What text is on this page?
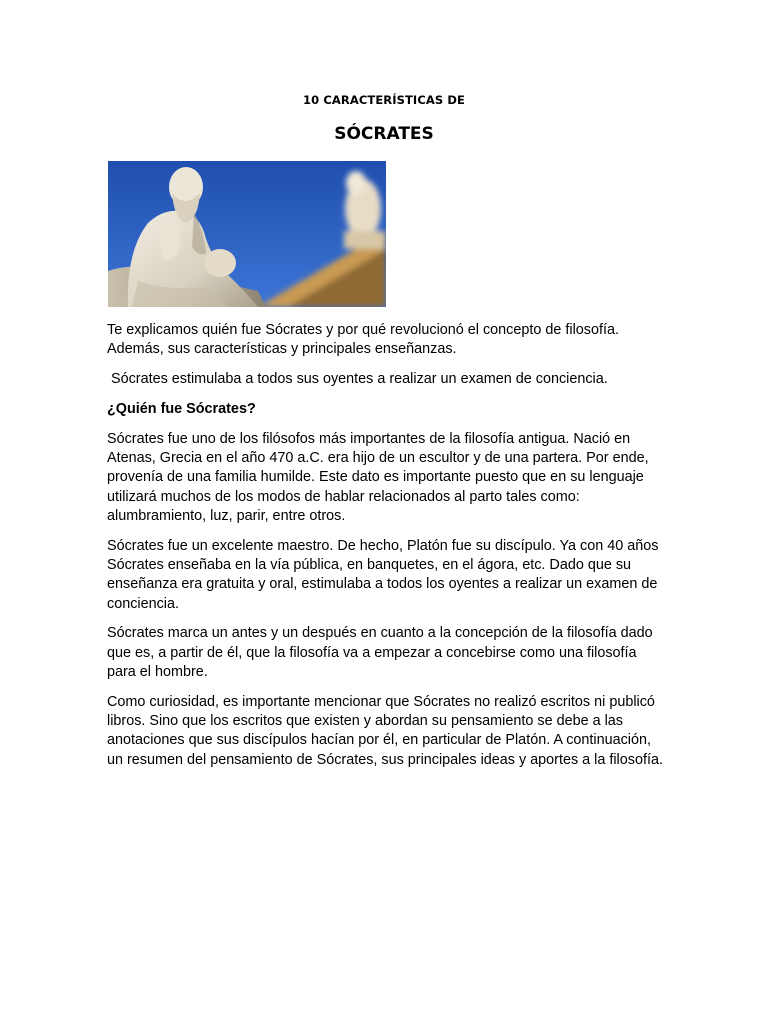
10 CARACTERÍSTICAS DE
SÓCRATES

Te explicamos quién fue Sócrates y por qué revolucionó el concepto de filosofía. Además, sus características y principales enseñanzas.

Sócrates estimulaba a todos sus oyentes a realizar un examen de conciencia.

¿Quién fue Sócrates?

Sócrates fue uno de los filósofos más importantes de la filosofía antigua. Nació en Atenas, Grecia en el año 470 a.C. era hijo de un escultor y de una partera. Por ende, provenía de una familia humilde. Este dato es importante puesto que en su lenguaje utilizará muchos de los modos de hablar relacionados al parto tales como: alumbramiento, luz, parir, entre otros.

Sócrates fue un excelente maestro. De hecho, Platón fue su discípulo. Ya con 40 años Sócrates enseñaba en la vía pública, en banquetes, en el ágora, etc. Dado que su enseñanza era gratuita y oral, estimulaba a todos los oyentes a realizar un examen de conciencia.

Sócrates marca un antes y un después en cuanto a la concepción de la filosofía dado que es, a partir de él, que la filosofía va a empezar a concebirse como una filosofía para el hombre.

Como curiosidad, es importante mencionar que Sócrates no realizó escritos ni publicó libros. Sino que los escritos que existen y abordan su pensamiento se debe a las anotaciones que sus discípulos hacían por él, en particular de Platón. A continuación, un resumen del pensamiento de Sócrates, sus principales ideas y aportes a la filosofía.
